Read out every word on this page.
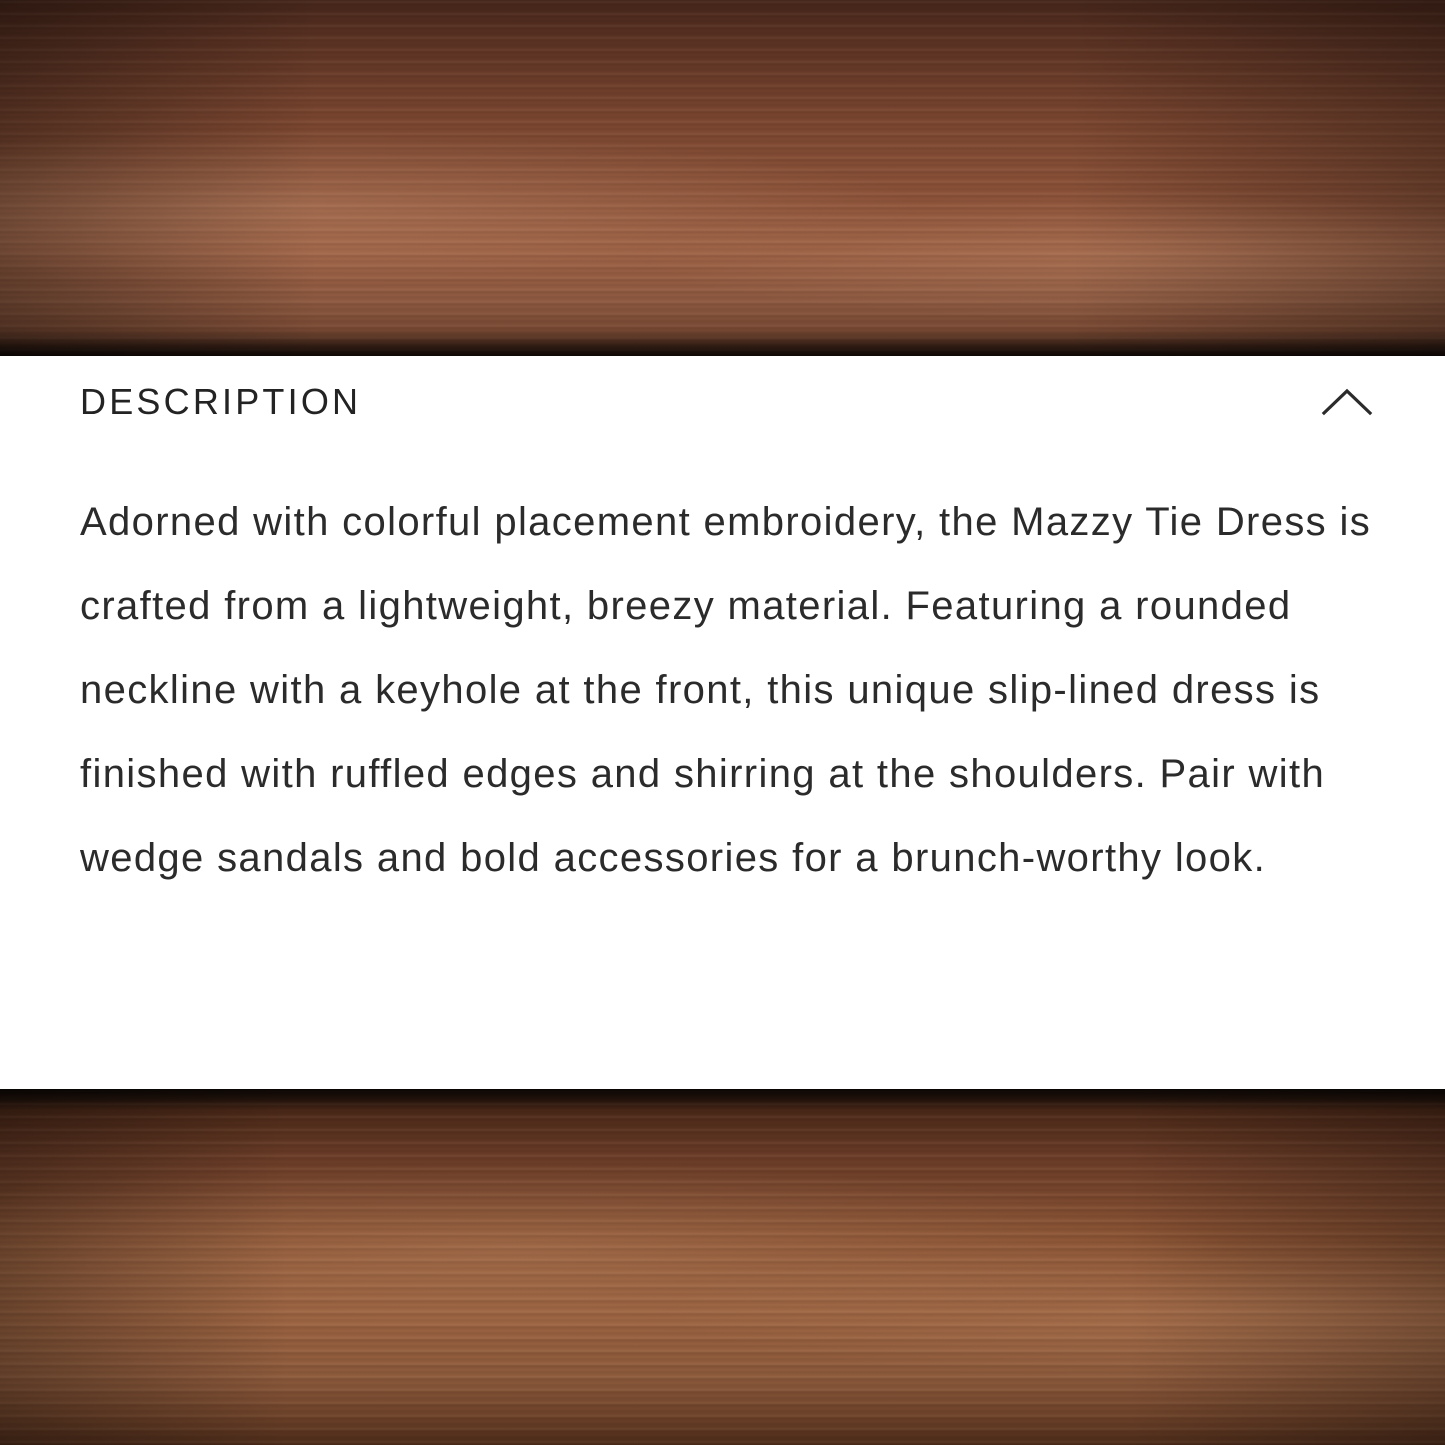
DESCRIPTION

Adorned with colorful placement embroidery, the Mazzy Tie Dress is crafted from a lightweight, breezy material. Featuring a rounded neckline with a keyhole at the front, this unique slip-lined dress is finished with ruffled edges and shirring at the shoulders. Pair with wedge sandals and bold accessories for a brunch-worthy look.
